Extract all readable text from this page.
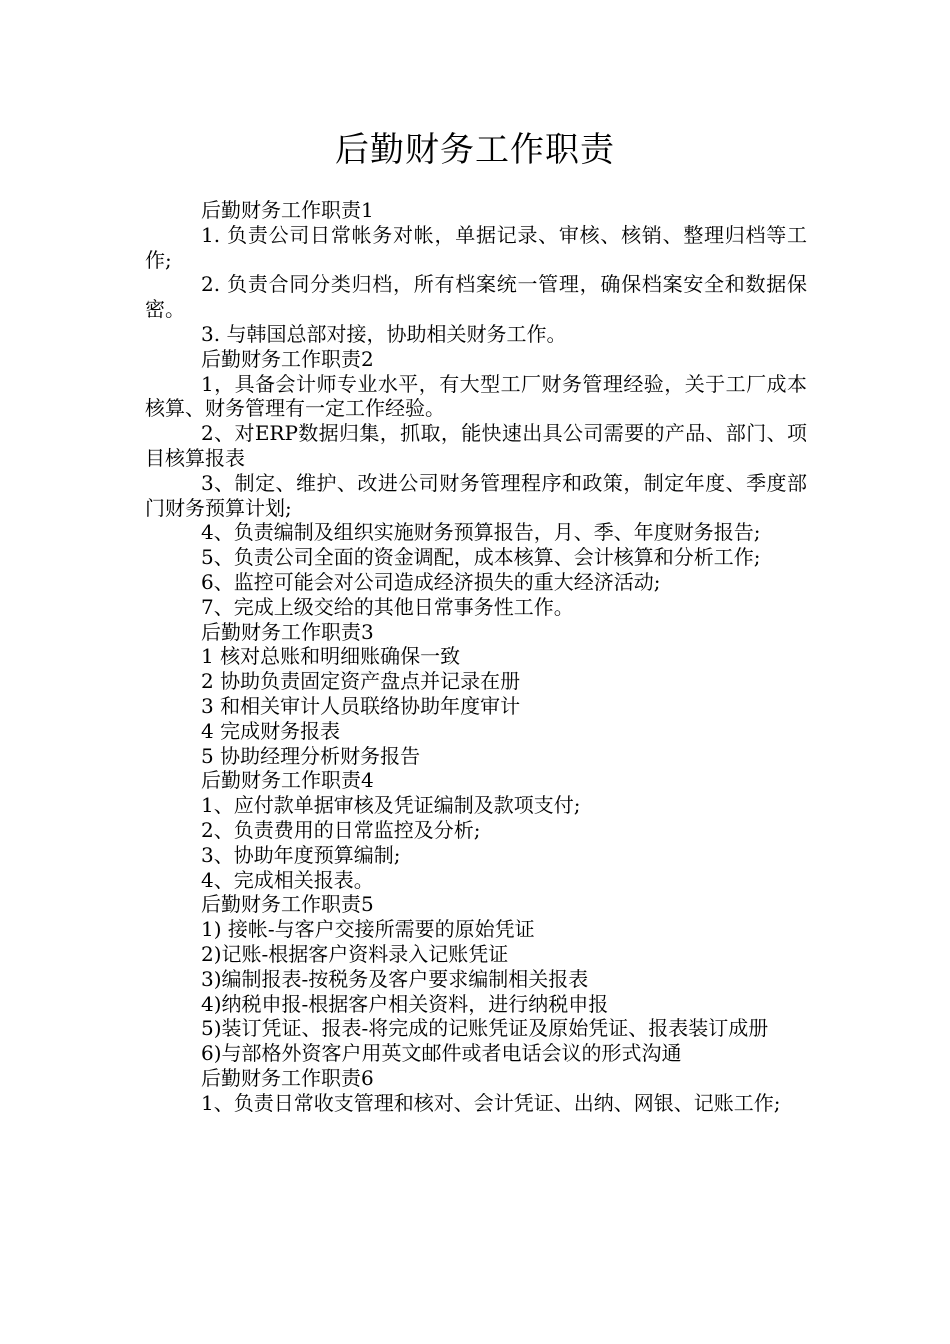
后勤财务工作职责

后勤财务工作职责1

1. 负责公司日常帐务对帐，单据记录、审核、核销、整理归档等工作;

2. 负责合同分类归档，所有档案统一管理，确保档案安全和数据保密。

3. 与韩国总部对接，协助相关财务工作。

后勤财务工作职责2

1，具备会计师专业水平，有大型工厂财务管理经验，关于工厂成本核算、财务管理有一定工作经验。

2、对ERP数据归集，抓取，能快速出具公司需要的产品、部门、项目核算报表

3、制定、维护、改进公司财务管理程序和政策，制定年度、季度部门财务预算计划;

4、负责编制及组织实施财务预算报告，月、季、年度财务报告;

5、负责公司全面的资金调配，成本核算、会计核算和分析工作;

6、监控可能会对公司造成经济损失的重大经济活动;

7、完成上级交给的其他日常事务性工作。

后勤财务工作职责3

1 核对总账和明细账确保一致

2 协助负责固定资产盘点并记录在册

3 和相关审计人员联络协助年度审计

4 完成财务报表

5 协助经理分析财务报告

后勤财务工作职责4

1、应付款单据审核及凭证编制及款项支付;

2、负责费用的日常监控及分析;

3、协助年度预算编制;

4、完成相关报表。

后勤财务工作职责5

1) 接帐-与客户交接所需要的原始凭证

2)记账-根据客户资料录入记账凭证

3)编制报表-按税务及客户要求编制相关报表

4)纳税申报-根据客户相关资料，进行纳税申报

5)装订凭证、报表-将完成的记账凭证及原始凭证、报表装订成册

6)与部格外资客户用英文邮件或者电话会议的形式沟通

后勤财务工作职责6

1、负责日常收支管理和核对、会计凭证、出纳、网银、记账工作;
